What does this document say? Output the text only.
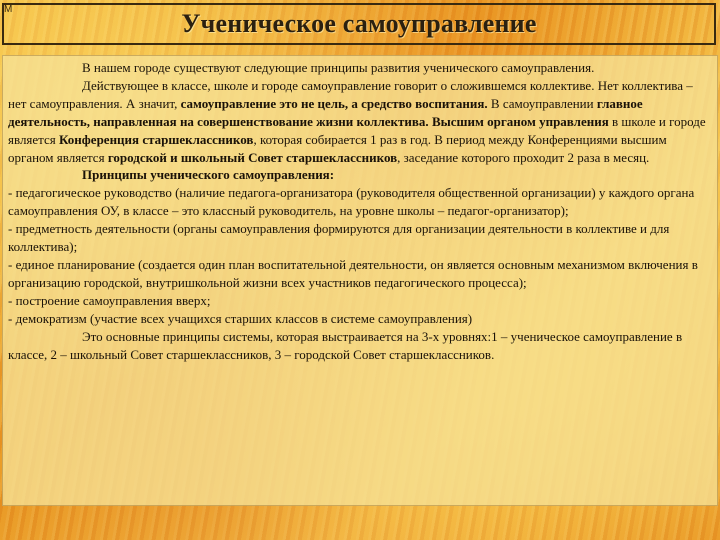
M	Ученическое самоуправление

В нашем городе существуют следующие принципы развития ученического самоуправления.

Действующее в классе, школе и городе самоуправление говорит о сложившемся коллективе. Нет коллектива – нет самоуправления. А значит, самоуправление это не цель, а средство воспитания. В самоуправлении главное деятельность, направленная на совершенствование жизни коллектива. Высшим органом управления в школе и городе является Конференция старшеклассников, которая собирается 1 раз в год. В период между Конференциями высшим органом является городской и школьный Совет старшеклассников, заседание которого проходит 2 раза в месяц.

Принципы ученического самоуправления:

- педагогическое руководство (наличие педагога-организатора (руководителя общественной организации) у каждого органа самоуправления ОУ, в классе – это классный руководитель, на уровне школы – педагог-организатор);

- предметность деятельности (органы самоуправления формируются для организации деятельности в коллективе и для коллектива);

- единое планирование (создается один план воспитательной деятельности, он является основным механизмом включения в организацию городской, внутришкольной жизни всех участников педагогического процесса);

- построение самоуправления вверх;

- демократизм (участие всех учащихся старших классов в системе самоуправления)

Это основные принципы системы, которая выстраивается на 3-х уровнях:1 – ученическое самоуправление в классе, 2 – школьный Совет старшеклассников, 3 – городской Совет старшеклассников.
